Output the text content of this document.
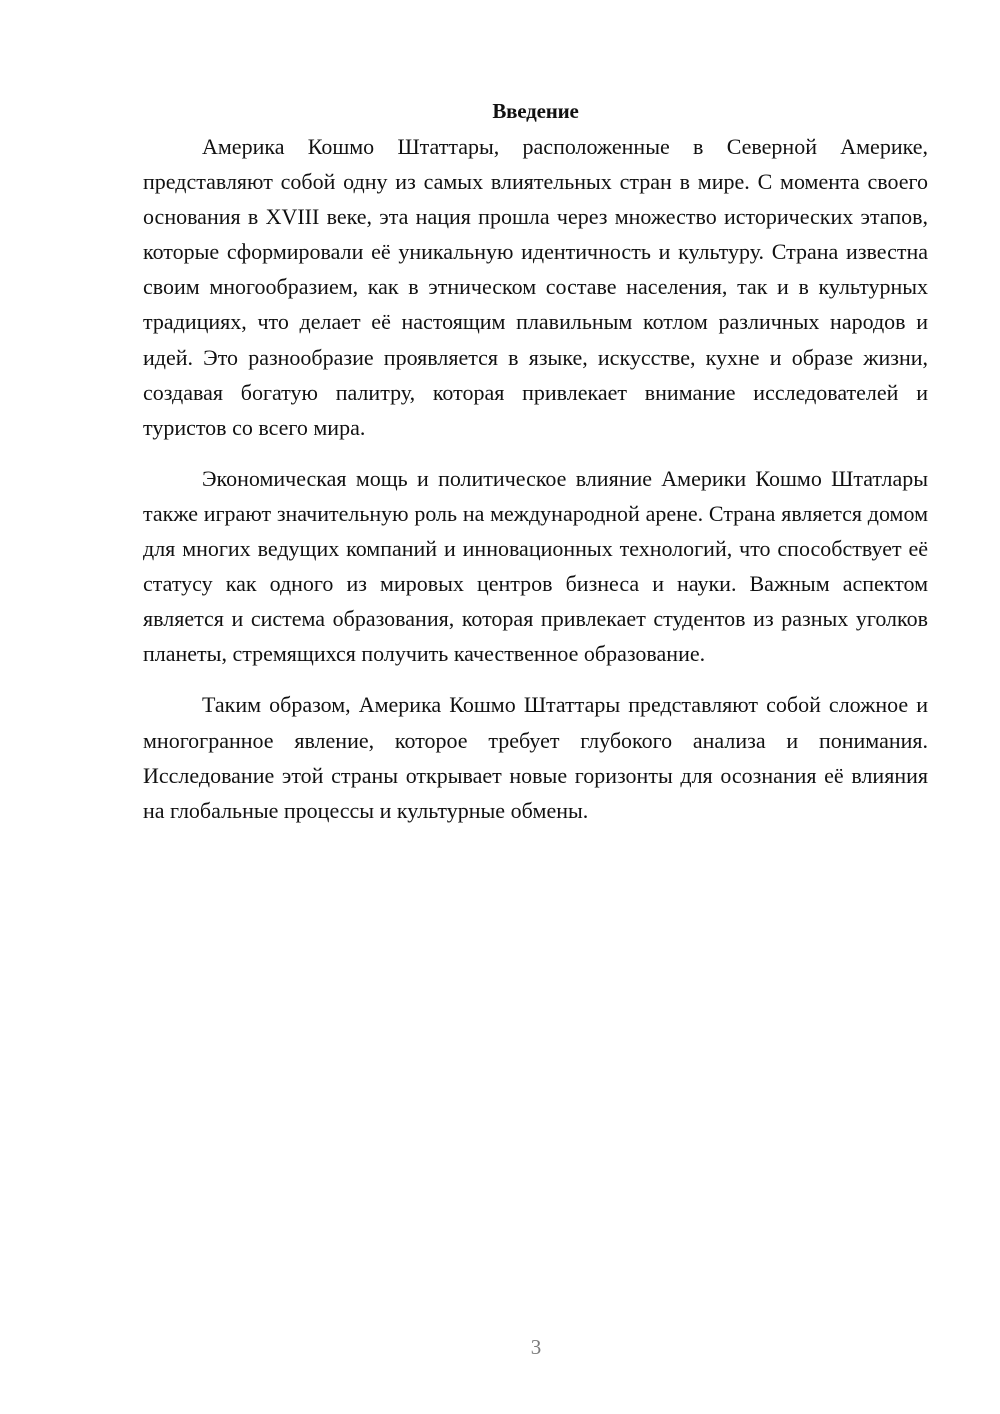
Введение

Америка Кошмо Штаттары, расположенные в Северной Америке, представляют собой одну из самых влиятельных стран в мире. С момента своего основания в XVIII веке, эта нация прошла через множество исторических этапов, которые сформировали её уникальную идентичность и культуру. Страна известна своим многообразием, как в этническом составе населения, так и в культурных традициях, что делает её настоящим плавильным котлом различных народов и идей. Это разнообразие проявляется в языке, искусстве, кухне и образе жизни, создавая богатую палитру, которая привлекает внимание исследователей и туристов со всего мира.

Экономическая мощь и политическое влияние Америки Кошмо Штатлары также играют значительную роль на международной арене. Страна является домом для многих ведущих компаний и инновационных технологий, что способствует её статусу как одного из мировых центров бизнеса и науки. Важным аспектом является и система образования, которая привлекает студентов из разных уголков планеты, стремящихся получить качественное образование.

Таким образом, Америка Кошмо Штаттары представляют собой сложное и многогранное явление, которое требует глубокого анализа и понимания. Исследование этой страны открывает новые горизонты для осознания её влияния на глобальные процессы и культурные обмены.

3
